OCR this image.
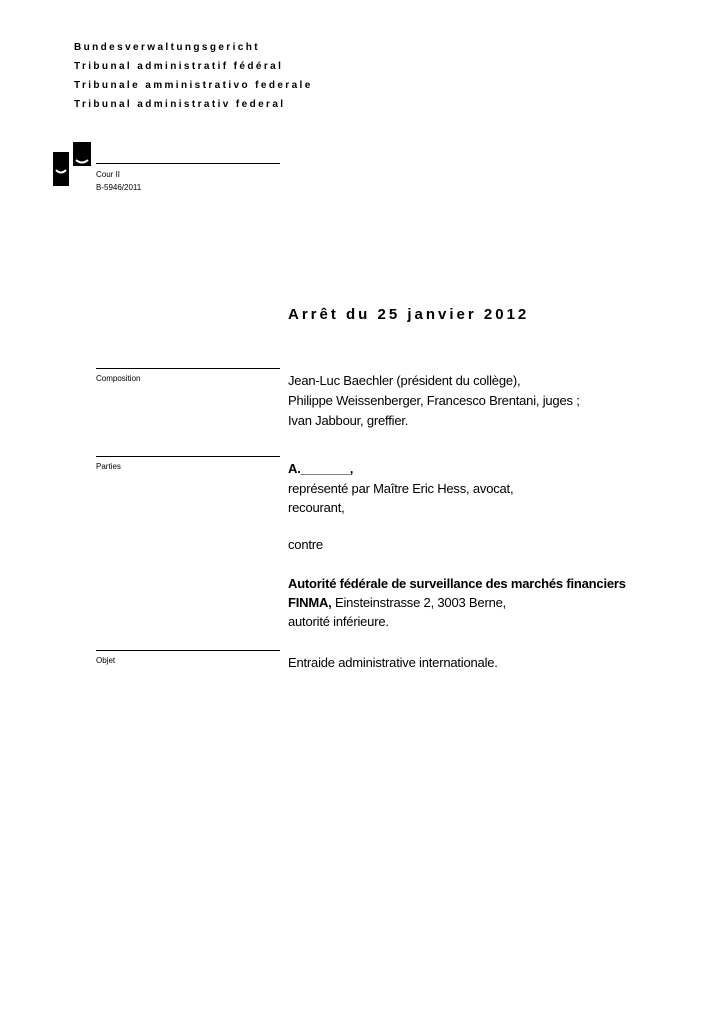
Bundesverwaltungsgericht
Tribunal administratif fédéral
Tribunale amministrativo federale
Tribunal administrativ federal
Cour II
B-5946/2011
Arrêt du 25 janvier 2012
Composition	Jean-Luc Baechler (président du collège),
Philippe Weissenberger, Francesco Brentani, juges ;
Ivan Jabbour, greffier.
Parties	A._______,
représenté par Maître Eric Hess, avocat,
recourant,
contre
Autorité fédérale de surveillance des marchés financiers
FINMA, Einsteinstrasse 2, 3003 Berne,
autorité inférieure.
Objet	Entraide administrative internationale.
